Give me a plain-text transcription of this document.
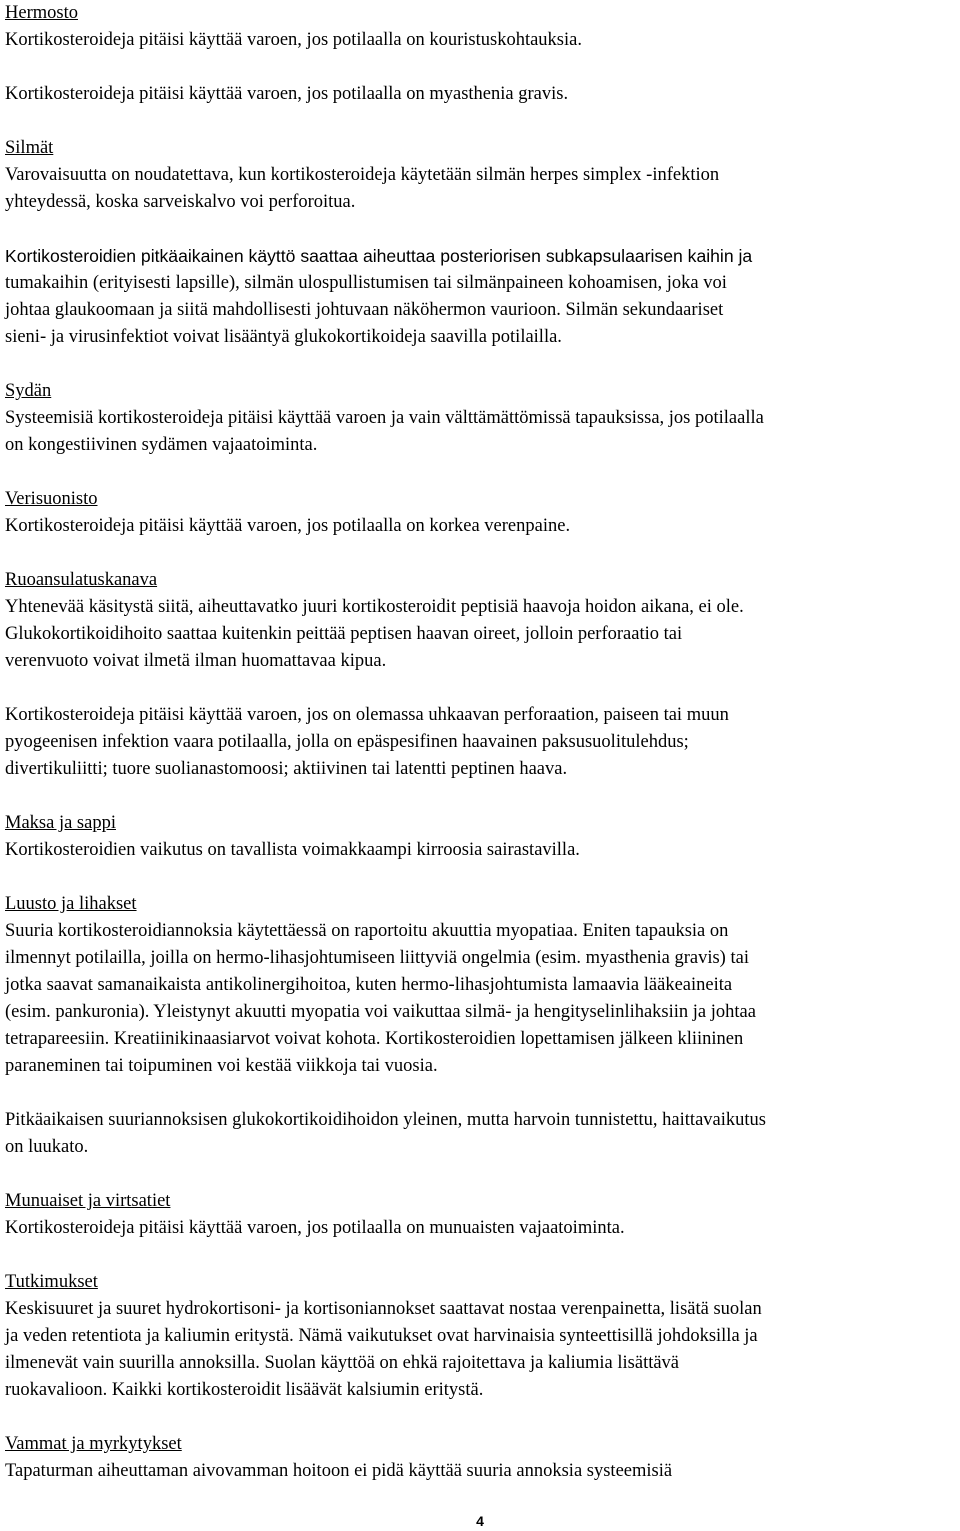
Hermosto
Kortikosteroideja pitäisi käyttää varoen, jos potilaalla on kouristuskohtauksia.
Kortikosteroideja pitäisi käyttää varoen, jos potilaalla on myasthenia gravis.
Silmät
Varovaisuutta on noudatettava, kun kortikosteroideja käytetään silmän herpes simplex -infektion
yhteydessä, koska sarveiskalvo voi perforoitua.
Kortikosteroidien pitkäaikainen käyttö saattaa aiheuttaa posteriorisen subkapsulaarisen kaihin ja
tumakaihin (erityisesti lapsille), silmän ulospullistumisen tai silmänpaineen kohoamisen, joka voi
johtaa glaukoomaan ja siitä mahdollisesti johtuvaan näköhermon vaurioon. Silmän sekundaariset
sieni- ja virusinfektiot voivat lisääntyä glukokortikoideja saavilla potilailla.
Sydän
Systeemisiä kortikosteroideja pitäisi käyttää varoen ja vain välttämättömissä tapauksissa, jos potilaalla
on kongestiivinen sydämen vajaatoiminta.
Verisuonisto
Kortikosteroideja pitäisi käyttää varoen, jos potilaalla on korkea verenpaine.
Ruoansulatuskanava
Yhtenevää käsitystä siitä, aiheuttavatko juuri kortikosteroidit peptisiä haavoja hoidon aikana, ei ole.
Glukokortikoidihoito saattaa kuitenkin peittää peptisen haavan oireet, jolloin perforaatio tai
verenvuoto voivat ilmetä ilman huomattavaa kipua.
Kortikosteroideja pitäisi käyttää varoen, jos on olemassa uhkaavan perforaation, paiseen tai muun
pyogeenisen infektion vaara potilaalla, jolla on epäspesifinen haavainen paksusuolitulehdus;
divertikuliitti; tuore suolianastomoosi; aktiivinen tai latentti peptinen haava.
Maksa ja sappi
Kortikosteroidien vaikutus on tavallista voimakkaampi kirroosia sairastavilla.
Luusto ja lihakset
Suuria kortikosteroidiannoksia käytettäessä on raportoitu akuuttia myopatiaa. Eniten tapauksia on
ilmennyt potilailla, joilla on hermo-lihasjohtumiseen liittyviä ongelmia (esim. myasthenia gravis) tai
jotka saavat samanaikaista antikolinergihoitoa, kuten hermo-lihasjohtumista lamaavia lääkeaineita
(esim. pankuronia). Yleistynyt akuutti myopatia voi vaikuttaa silmä- ja hengityselinlihaksiin ja johtaa
tetrapareesiin. Kreatiinikinaasiarvot voivat kohota. Kortikosteroidien lopettamisen jälkeen kliininen
paraneminen tai toipuminen voi kestää viikkoja tai vuosia.
Pitkäaikaisen suuriannoksisen glukokortikoidihoidon yleinen, mutta harvoin tunnistettu, haittavaikutus
on luukato.
Munuaiset ja virtsatiet
Kortikosteroideja pitäisi käyttää varoen, jos potilaalla on munuaisten vajaatoiminta.
Tutkimukset
Keskisuuret ja suuret hydrokortisoni- ja kortisoniannokset saattavat nostaa verenpainetta, lisätä suolan
ja veden retentiota ja kaliumin eritystä. Nämä vaikutukset ovat harvinaisia synteettisillä johdoksilla ja
ilmenevät vain suurilla annoksilla. Suolan käyttöä on ehkä rajoitettava ja kaliumia lisättävä
ruokavalioon. Kaikki kortikosteroidit lisäävät kalsiumin eritystä.
Vammat ja myrkytykset
Tapaturman aiheuttaman aivovamman hoitoon ei pidä käyttää suuria annoksia systeemisiä
4
